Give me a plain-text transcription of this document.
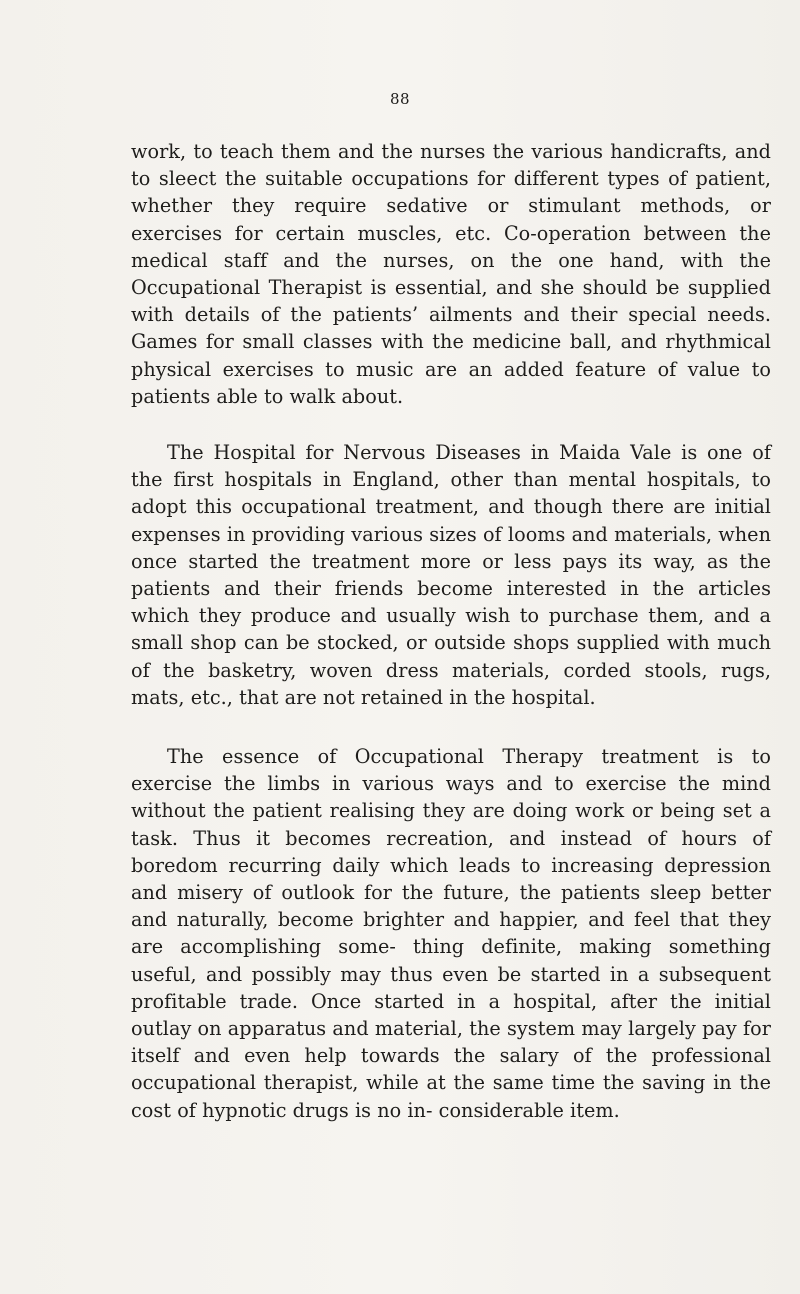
88

work, to teach them and the nurses the various handicrafts, and to sleect the suitable occupations for different types of patient, whether they require sedative or stimulant methods, or exercises for certain muscles, etc. Co-operation between the medical staff and the nurses, on the one hand, with the Occupational Therapist is essential, and she should be supplied with details of the patients’ ailments and their special needs. Games for small classes with the medicine ball, and rhythmical physical exercises to music are an added feature of value to patients able to walk about.

The Hospital for Nervous Diseases in Maida Vale is one of the first hospitals in England, other than mental hospitals, to adopt this occupational treatment, and though there are initial expenses in providing various sizes of looms and materials, when once started the treatment more or less pays its way, as the patients and their friends become interested in the articles which they produce and usually wish to purchase them, and a small shop can be stocked, or outside shops supplied with much of the basketry, woven dress materials, corded stools, rugs, mats, etc., that are not retained in the hospital.

The essence of Occupational Therapy treatment is to exercise the limbs in various ways and to exercise the mind without the patient realising they are doing work or being set a task. Thus it becomes recreation, and instead of hours of boredom recurring daily which leads to increasing depression and misery of outlook for the future, the patients sleep better and naturally, become brighter and happier, and feel that they are accomplishing some- thing definite, making something useful, and possibly may thus even be started in a subsequent profitable trade. Once started in a hospital, after the initial outlay on apparatus and material, the system may largely pay for itself and even help towards the salary of the professional occupational therapist, while at the same time the saving in the cost of hypnotic drugs is no in- considerable item.
